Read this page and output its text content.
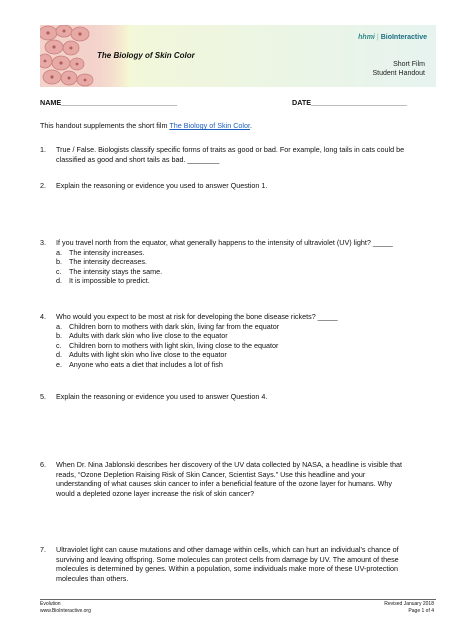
The Biology of Skin Color
hhmi | BioInteractive
Short Film
Student Handout
NAME_____________________________	DATE________________________
This handout supplements the short film The Biology of Skin Color.
1. True / False. Biologists classify specific forms of traits as good or bad. For example, long tails in cats could be
classified as good and short tails as bad. ________
2. Explain the reasoning or evidence you used to answer Question 1.
3. If you travel north from the equator, what generally happens to the intensity of ultraviolet (UV) light? _____
a. The intensity increases.
b. The intensity decreases.
c. The intensity stays the same.
d. It is impossible to predict.
4. Who would you expect to be most at risk for developing the bone disease rickets? _____
a. Children born to mothers with dark skin, living far from the equator
b. Adults with dark skin who live close to the equator
c. Children born to mothers with light skin, living close to the equator
d. Adults with light skin who live close to the equator
e. Anyone who eats a diet that includes a lot of fish
5. Explain the reasoning or evidence you used to answer Question 4.
6. When Dr. Nina Jablonski describes her discovery of the UV data collected by NASA, a headline is visible that
reads, “Ozone Depletion Raising Risk of Skin Cancer, Scientist Says.” Use this headline and your
understanding of what causes skin cancer to infer a beneficial feature of the ozone layer for humans. Why
would a depleted ozone layer increase the risk of skin cancer?
7. Ultraviolet light can cause mutations and other damage within cells, which can hurt an individual’s chance of
surviving and leaving offspring. Some molecules can protect cells from damage by UV. The amount of these
molecules is determined by genes. Within a population, some individuals make more of these UV-protection
molecules than others.
Evolution
www.BioInteractive.org
Revised January 2018
Page 1 of 4
